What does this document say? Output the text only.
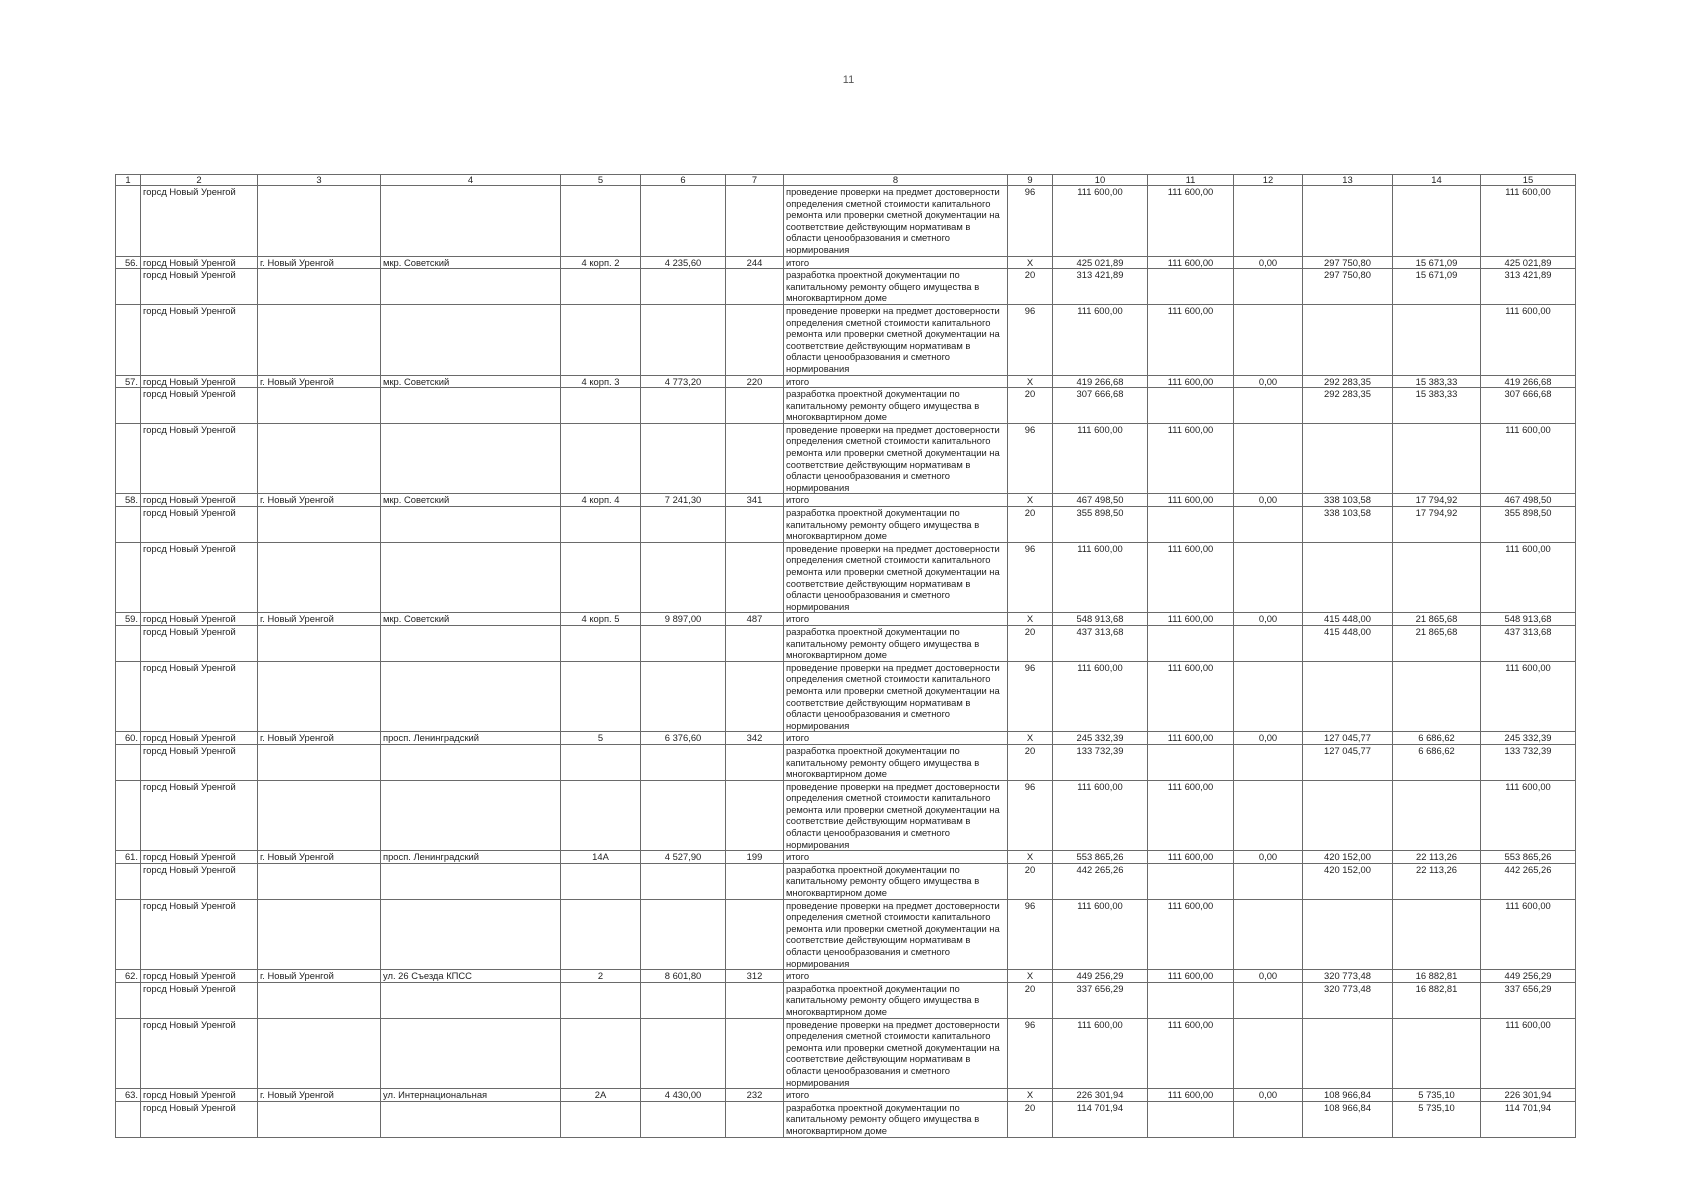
11
1	2	3	4	5	6	7	8	9	10	11	12	13	14	15
	горсд Новый Уренгой						проведение проверки на предмет достоверности определения сметной стоимости капитального ремонта или проверки сметной документации на соответствие действующим нормативам в области ценообразования и сметного нормирования	96	111 600,00	111 600,00				111 600,00
56.	горсд Новый Уренгой	г. Новый Уренгой	мкр. Советский	4 корп. 2	4 235,60	244	итого	X	425 021,89	111 600,00	0,00	297 750,80	15 671,09	425 021,89
	горсд Новый Уренгой						разработка проектной документации по капитальному ремонту общего имущества в многоквартирном доме	20	313 421,89			297 750,80	15 671,09	313 421,89
	горсд Новый Уренгой						проведение проверки на предмет достоверности определения сметной стоимости капитального ремонта или проверки сметной документации на соответствие действующим нормативам в области ценообразования и сметного нормирования	96	111 600,00	111 600,00				111 600,00
57.	горсд Новый Уренгой	г. Новый Уренгой	мкр. Советский	4 корп. 3	4 773,20	220	итого	X	419 266,68	111 600,00	0,00	292 283,35	15 383,33	419 266,68
	горсд Новый Уренгой						разработка проектной документации по капитальному ремонту общего имущества в многоквартирном доме	20	307 666,68			292 283,35	15 383,33	307 666,68
	горсд Новый Уренгой						проведение проверки на предмет достоверности определения сметной стоимости капитального ремонта или проверки сметной документации на соответствие действующим нормативам в области ценообразования и сметного нормирования	96	111 600,00	111 600,00				111 600,00
58.	горсд Новый Уренгой	г. Новый Уренгой	мкр. Советский	4 корп. 4	7 241,30	341	итого	X	467 498,50	111 600,00	0,00	338 103,58	17 794,92	467 498,50
	горсд Новый Уренгой						разработка проектной документации по капитальному ремонту общего имущества в многоквартирном доме	20	355 898,50			338 103,58	17 794,92	355 898,50
	горсд Новый Уренгой						проведение проверки на предмет достоверности определения сметной стоимости капитального ремонта или проверки сметной документации на соответствие действующим нормативам в области ценообразования и сметного нормирования	96	111 600,00	111 600,00				111 600,00
59.	горсд Новый Уренгой	г. Новый Уренгой	мкр. Советский	4 корп. 5	9 897,00	487	итого	X	548 913,68	111 600,00	0,00	415 448,00	21 865,68	548 913,68
	горсд Новый Уренгой						разработка проектной документации по капитальному ремонту общего имущества в многоквартирном доме	20	437 313,68			415 448,00	21 865,68	437 313,68
	горсд Новый Уренгой						проведение проверки на предмет достоверности определения сметной стоимости капитального ремонта или проверки сметной документации на соответствие действующим нормативам в области ценообразования и сметного нормирования	96	111 600,00	111 600,00				111 600,00
60.	горсд Новый Уренгой	г. Новый Уренгой	просп. Ленинградский	5	6 376,60	342	итого	X	245 332,39	111 600,00	0,00	127 045,77	6 686,62	245 332,39
	горсд Новый Уренгой						разработка проектной документации по капитальному ремонту общего имущества в многоквартирном доме	20	133 732,39			127 045,77	6 686,62	133 732,39
	горсд Новый Уренгой						проведение проверки на предмет достоверности определения сметной стоимости капитального ремонта или проверки сметной документации на соответствие действующим нормативам в области ценообразования и сметного нормирования	96	111 600,00	111 600,00				111 600,00
61.	горсд Новый Уренгой	г. Новый Уренгой	просп. Ленинградский	14А	4 527,90	199	итого	X	553 865,26	111 600,00	0,00	420 152,00	22 113,26	553 865,26
	горсд Новый Уренгой						разработка проектной документации по капитальному ремонту общего имущества в многоквартирном доме	20	442 265,26			420 152,00	22 113,26	442 265,26
	горсд Новый Уренгой						проведение проверки на предмет достоверности определения сметной стоимости капитального ремонта или проверки сметной документации на соответствие действующим нормативам в области ценообразования и сметного нормирования	96	111 600,00	111 600,00				111 600,00
62.	горсд Новый Уренгой	г. Новый Уренгой	ул. 26 Съезда КПСС	2	8 601,80	312	итого	X	449 256,29	111 600,00	0,00	320 773,48	16 882,81	449 256,29
	горсд Новый Уренгой						разработка проектной документации по капитальному ремонту общего имущества в многоквартирном доме	20	337 656,29			320 773,48	16 882,81	337 656,29
	горсд Новый Уренгой						проведение проверки на предмет достоверности определения сметной стоимости капитального ремонта или проверки сметной документации на соответствие действующим нормативам в области ценообразования и сметного нормирования	96	111 600,00	111 600,00				111 600,00
63.	горсд Новый Уренгой	г. Новый Уренгой	ул. Интернациональная	2А	4 430,00	232	итого	X	226 301,94	111 600,00	0,00	108 966,84	5 735,10	226 301,94
	горсд Новый Уренгой						разработка проектной документации по капитальному ремонту общего имущества в многоквартирном доме	20	114 701,94			108 966,84	5 735,10	114 701,94
